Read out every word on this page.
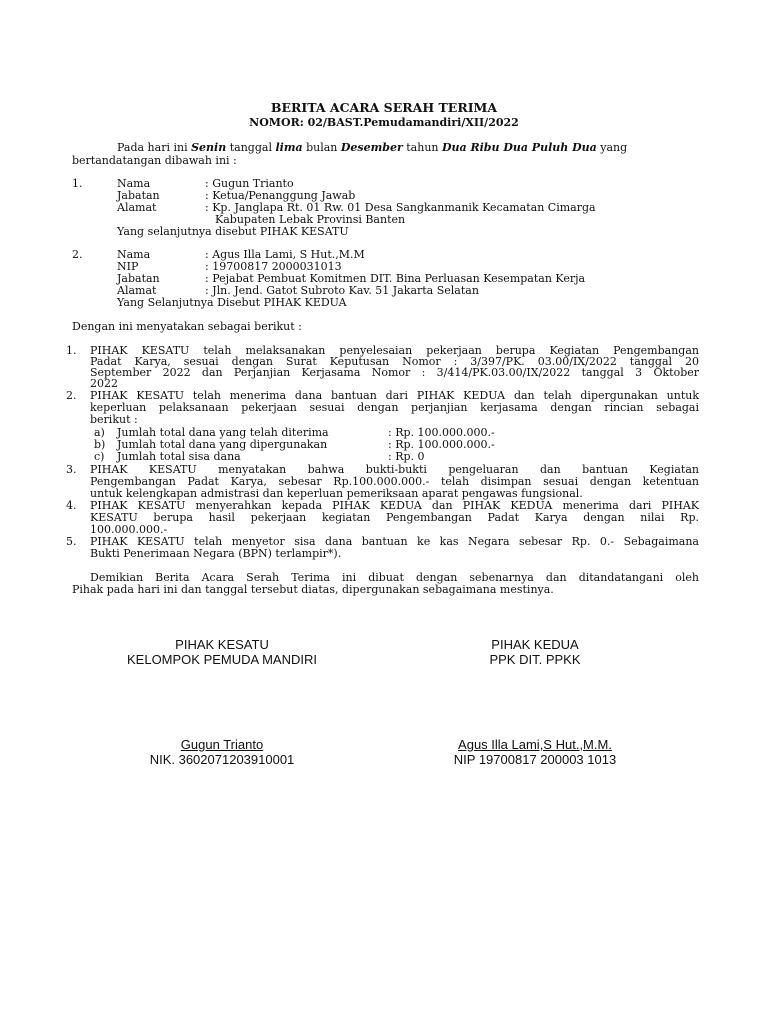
BERITA ACARA SERAH TERIMA
NOMOR: 02/BAST.Pemudamandiri/XII/2022
Pada hari ini Senin tanggal lima bulan Desember tahun Dua Ribu Dua Puluh Dua yang
bertandatangan dibawah ini :
1.	Nama	: Gugun Trianto
Jabatan	: Ketua/Penanggung Jawab
Alamat	: Kp. Janglapa Rt. 01 Rw. 01 Desa Sangkanmanik Kecamatan Cimarga
Kabupaten Lebak Provinsi Banten
Yang selanjutnya disebut PIHAK KESATU
2.	Nama	: Agus Illa Lami, S Hut.,M.M
NIP	: 19700817 2000031013
Jabatan	: Pejabat Pembuat Komitmen DIT. Bina Perluasan Kesempatan Kerja
Alamat	: Jln. Jend. Gatot Subroto Kav. 51 Jakarta Selatan
Yang Selanjutnya Disebut PIHAK KEDUA
Dengan ini menyatakan sebagai berikut :
1. PIHAK KESATU telah melaksanakan penyelesaian pekerjaan berupa Kegiatan Pengembangan
Padat Karya, sesuai dengan Surat Keputusan Nomor : 3/397/PK. 03.00/IX/2022 tanggal 20
September 2022 dan Perjanjian Kerjasama Nomor : 3/414/PK.03.00/IX/2022 tanggal 3 Oktober
2022
2. PIHAK KESATU telah menerima dana bantuan dari PIHAK KEDUA dan telah dipergunakan untuk
keperluan pelaksanaan pekerjaan sesuai dengan perjanjian kerjasama dengan rincian sebagai
berikut :
a) Jumlah total dana yang telah diterima	: Rp. 100.000.000.-
b) Jumlah total dana yang dipergunakan	: Rp. 100.000.000.-
c) Jumlah total sisa dana	: Rp. 0
3. PIHAK KESATU menyatakan bahwa bukti-bukti pengeluaran dan bantuan Kegiatan
Pengembangan Padat Karya, sebesar Rp.100.000.000.- telah disimpan sesuai dengan ketentuan
untuk kelengkapan admistrasi dan keperluan pemeriksaan aparat pengawas fungsional.
4. PIHAK KESATU menyerahkan kepada PIHAK KEDUA dan PIHAK KEDUA menerima dari PIHAK
KESATU berupa hasil pekerjaan kegiatan Pengembangan Padat Karya dengan nilai Rp.
100.000.000.-
5. PIHAK KESATU telah menyetor sisa dana bantuan ke kas Negara sebesar Rp. 0.- Sebagaimana
Bukti Penerimaan Negara (BPN) terlampir*).
Demikian Berita Acara Serah Terima ini dibuat dengan sebenarnya dan ditandatangani oleh
Pihak pada hari ini dan tanggal tersebut diatas, dipergunakan sebagaimana mestinya.
PIHAK KESATU
KELOMPOK PEMUDA MANDIRI
Gugun Trianto
NIK. 3602071203910001
PIHAK KEDUA
PPK DIT. PPKK
Agus Illa Lami,S Hut.,M.M.
NIP 19700817 200003 1013
